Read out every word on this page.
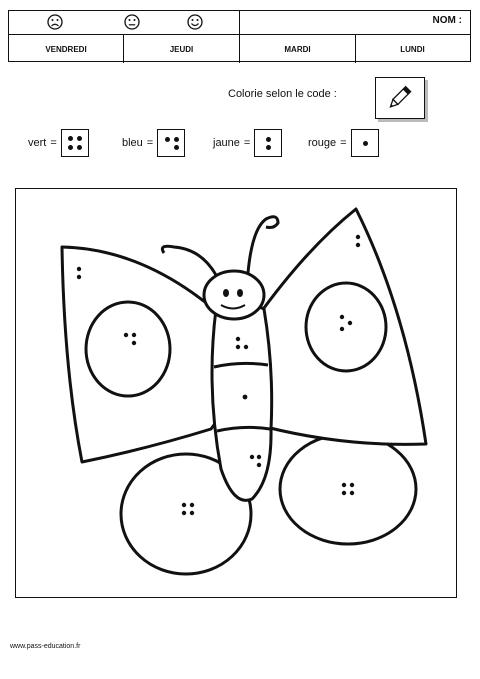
NOM :
VENDREDI	JEUDI	MARDI	LUNDI
Colorie selon le code :
vert =	bleu =	jaune =	rouge =
www.pass-education.fr
